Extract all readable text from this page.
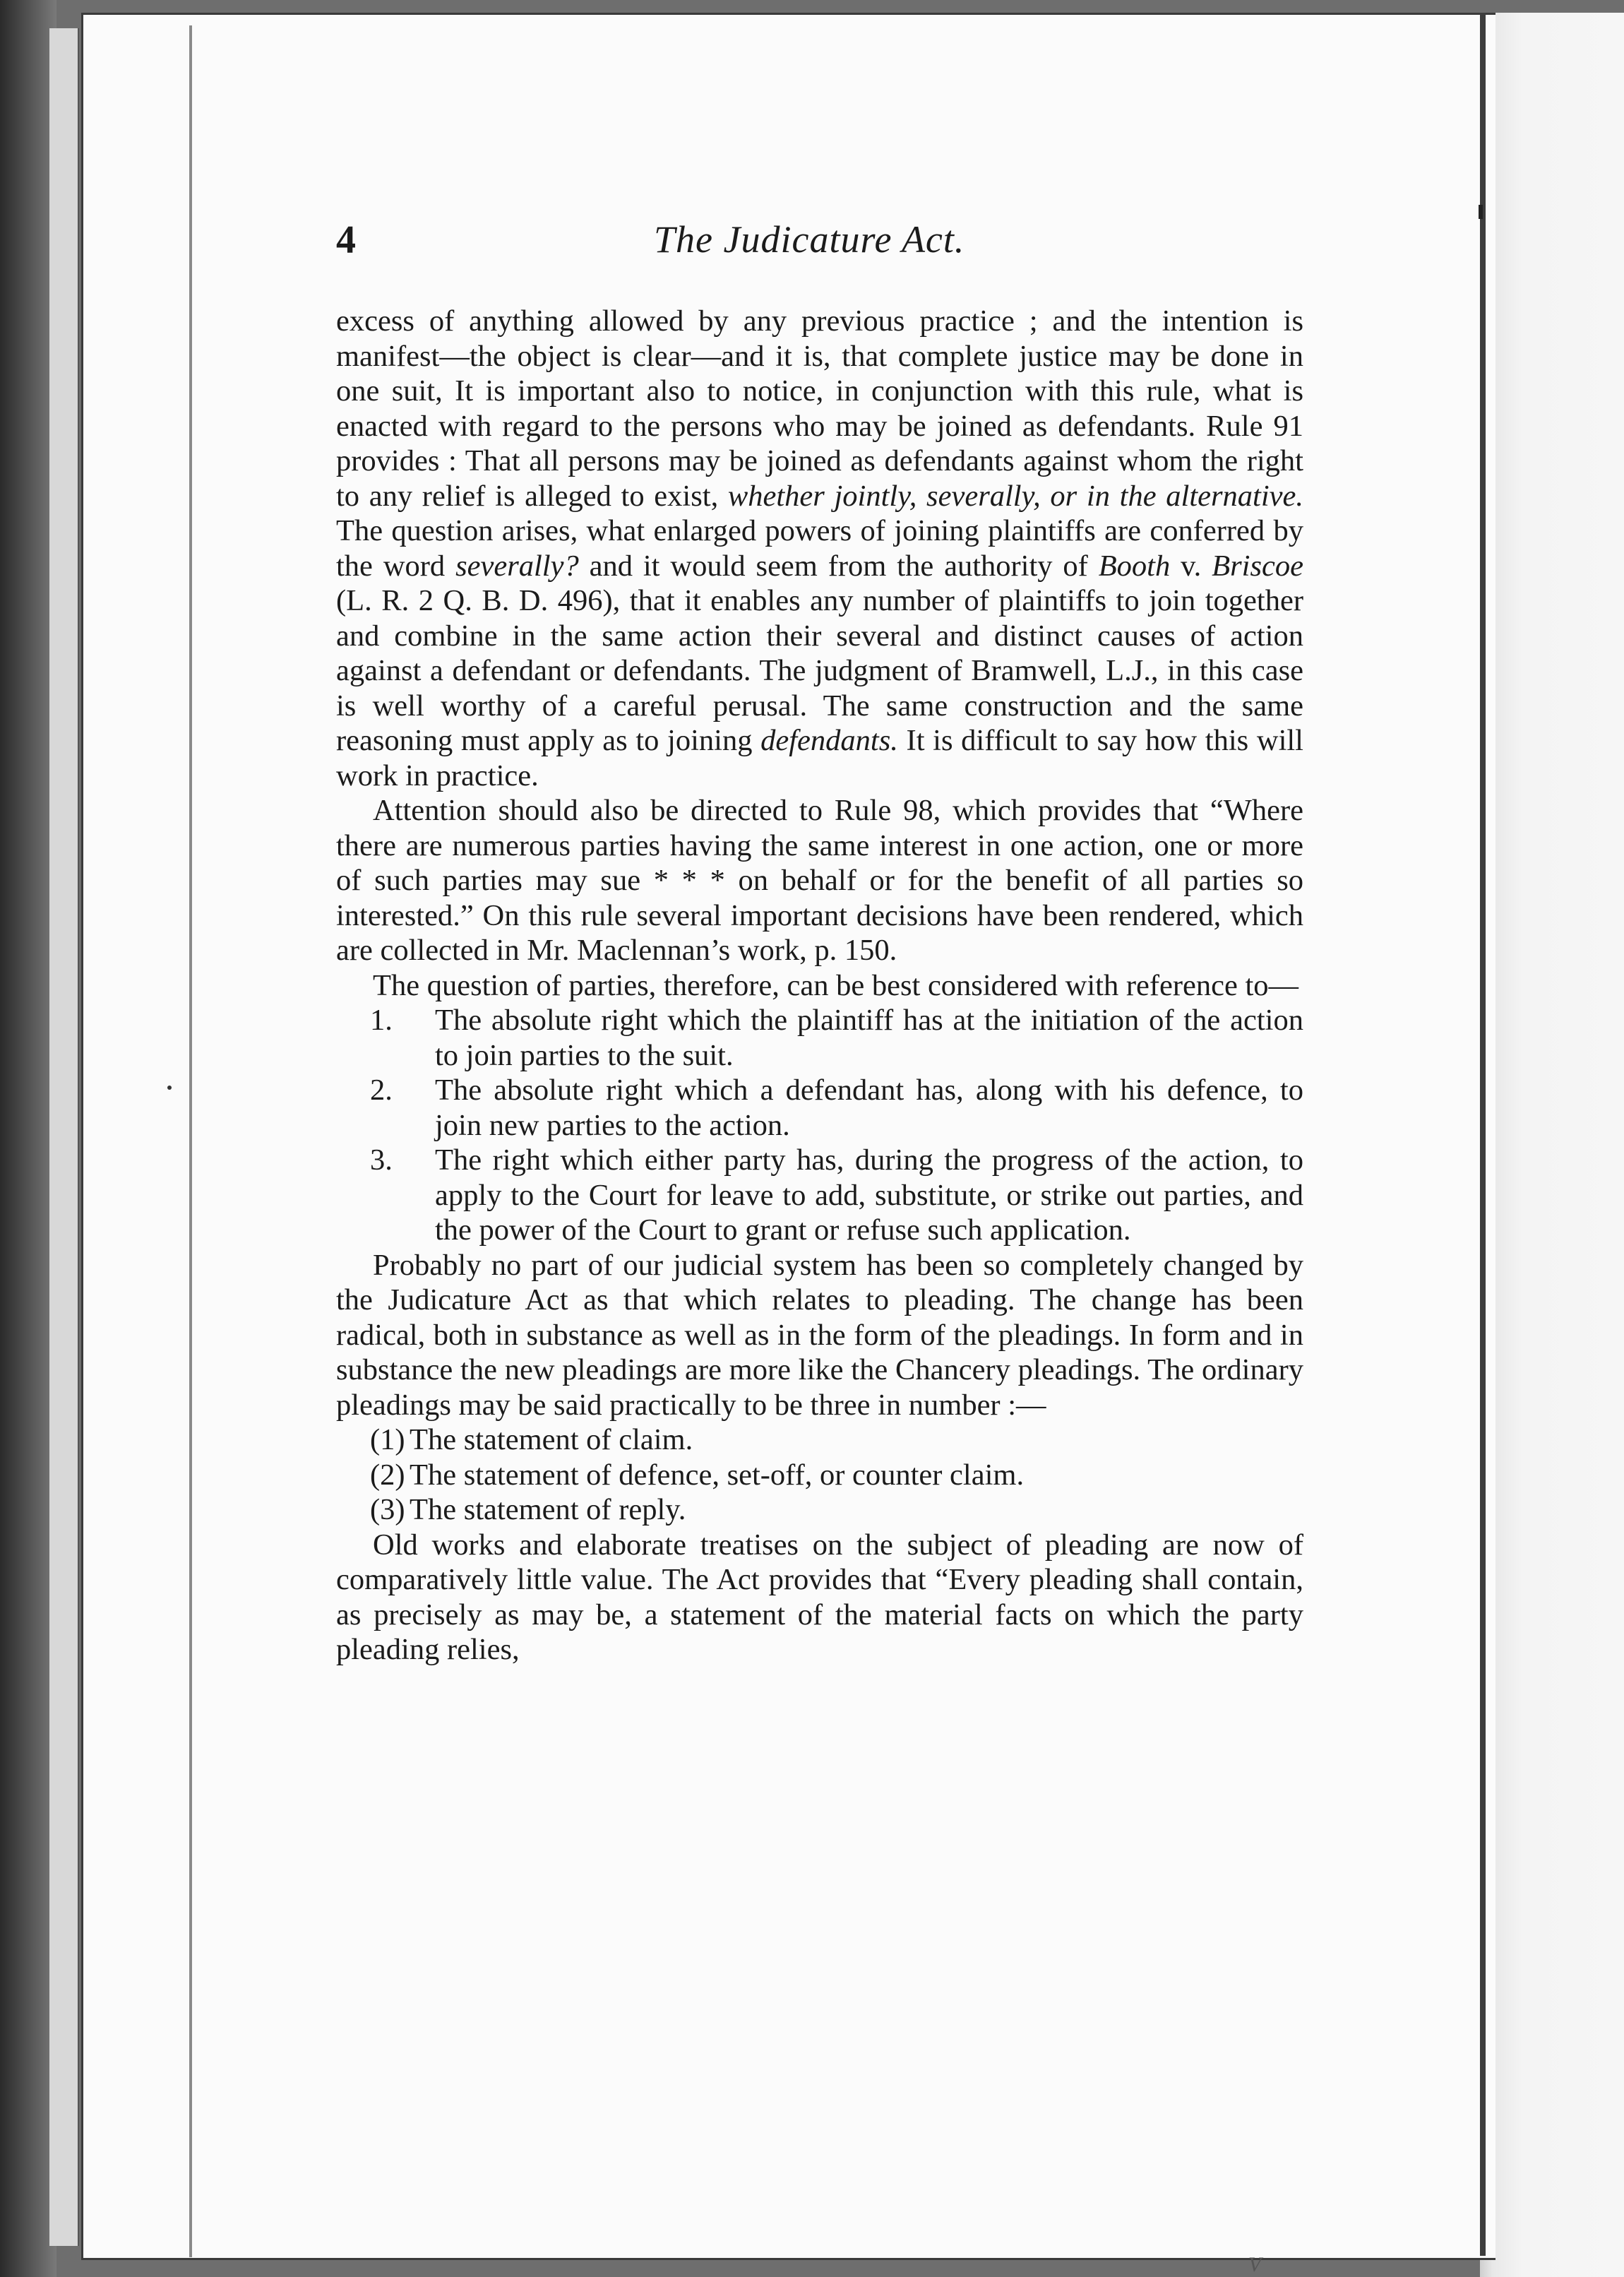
4	The Judicature Act.

excess of anything allowed by any previous practice ; and the intention is manifest—the object is clear—and it is, that complete justice may be done in one suit, It is important also to notice, in conjunction with this rule, what is enacted with regard to the persons who may be joined as defendants. Rule 91 provides : That all persons may be joined as defendants against whom the right to any relief is alleged to exist, whether jointly, severally, or in the alternative. The question arises, what enlarged powers of joining plaintiffs are conferred by the word severally? and it would seem from the authority of Booth v. Briscoe (L. R. 2 Q. B. D. 496), that it enables any number of plaintiffs to join together and combine in the same action their several and distinct causes of action against a defendant or defendants. The judgment of Bramwell, L.J., in this case is well worthy of a careful perusal. The same construction and the same reasoning must apply as to joining defendants. It is difficult to say how this will work in practice.

Attention should also be directed to Rule 98, which provides that “Where there are numerous parties having the same interest in one action, one or more of such parties may sue * * * on behalf or for the benefit of all parties so interested.” On this rule several important decisions have been rendered, which are collected in Mr. Maclennan’s work, p. 150.

The question of parties, therefore, can be best considered with reference to—

1. The absolute right which the plaintiff has at the initiation of the action to join parties to the suit.
2. The absolute right which a defendant has, along with his defence, to join new parties to the action.
3. The right which either party has, during the progress of the action, to apply to the Court for leave to add, substitute, or strike out parties, and the power of the Court to grant or refuse such application.

Probably no part of our judicial system has been so completely changed by the Judicature Act as that which relates to pleading. The change has been radical, both in substance as well as in the form of the pleadings. In form and in substance the new pleadings are more like the Chancery pleadings. The ordinary pleadings may be said practically to be three in number :—

(1) The statement of claim.
(2) The statement of defence, set-off, or counter claim.
(3) The statement of reply.

Old works and elaborate treatises on the subject of pleading are now of comparatively little value. The Act provides that “Every pleading shall contain, as precisely as may be, a statement of the material facts on which the party pleading relies,

V
